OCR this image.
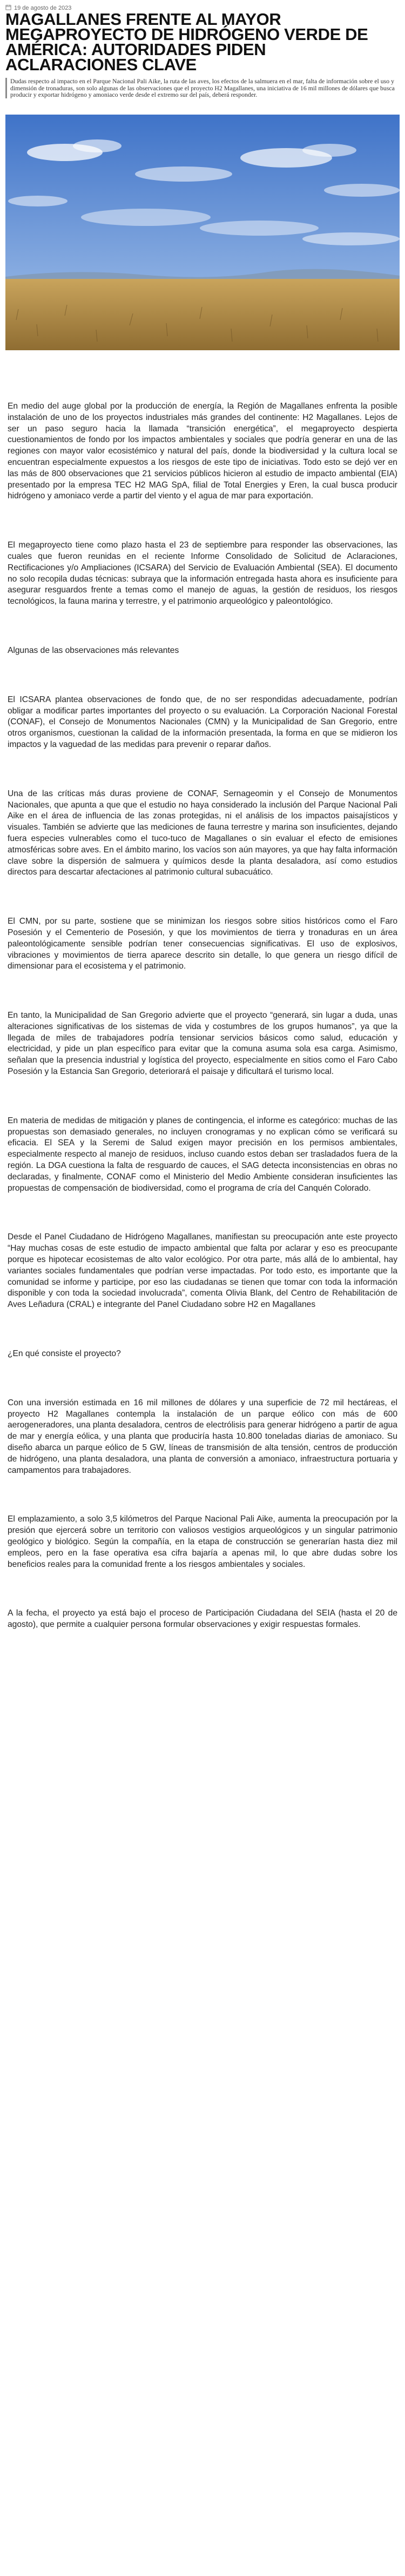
19 de agosto de 2023
MAGALLANES FRENTE AL MAYOR MEGAPROYECTO DE HIDRÓGENO VERDE DE AMÉRICA: AUTORIDADES PIDEN ACLARACIONES CLAVE

Dudas respecto al impacto en el Parque Nacional Pali Aike, la ruta de las aves, los efectos de la salmuera en el mar, falta de información sobre el uso y dimensión de tronaduras, son solo algunas de las observaciones que el proyecto H2 Magallanes, una iniciativa de 16 mil millones de dólares que busca producir y exportar hidrógeno y amoniaco verde desde el extremo sur del país, deberá responder.

En medio del auge global por la producción de energía, la Región de Magallanes enfrenta la posible instalación de uno de los proyectos industriales más grandes del continente: H2 Magallanes. Lejos de ser un paso seguro hacia la llamada “transición energética”, el megaproyecto despierta cuestionamientos de fondo por los impactos ambientales y sociales que podría generar en una de las regiones con mayor valor ecosistémico y natural del país, donde la biodiversidad y la cultura local se encuentran especialmente expuestos a los riesgos de este tipo de iniciativas. Todo esto se dejó ver en las más de 800 observaciones que 21 servicios públicos hicieron al estudio de impacto ambiental (EIA) presentado por la empresa TEC H2 MAG SpA, filial de Total Energies y Eren, la cual busca producir hidrógeno y amoniaco verde a partir del viento y el agua de mar para exportación.

El megaproyecto tiene como plazo hasta el 23 de septiembre para responder las observaciones, las cuales que fueron reunidas en el reciente Informe Consolidado de Solicitud de Aclaraciones, Rectificaciones y/o Ampliaciones (ICSARA) del Servicio de Evaluación Ambiental (SEA). El documento no solo recopila dudas técnicas: subraya que la información entregada hasta ahora es insuficiente para asegurar resguardos frente a temas como el manejo de aguas, la gestión de residuos, los riesgos tecnológicos, la fauna marina y terrestre, y el patrimonio arqueológico y paleontológico.

Algunas de las observaciones más relevantes

El ICSARA plantea observaciones de fondo que, de no ser respondidas adecuadamente, podrían obligar a modificar partes importantes del proyecto o su evaluación. La Corporación Nacional Forestal (CONAF), el Consejo de Monumentos Nacionales (CMN) y la Municipalidad de San Gregorio, entre otros organismos, cuestionan la calidad de la información presentada, la forma en que se midieron los impactos y la vaguedad de las medidas para prevenir o reparar daños.

Una de las críticas más duras proviene de CONAF, Sernageomin y el Consejo de Monumentos Nacionales, que apunta a que que el estudio no haya considerado la inclusión del Parque Nacional Pali Aike en el área de influencia de las zonas protegidas, ni el análisis de los impactos paisajísticos y visuales. También se advierte que las mediciones de fauna terrestre y marina son insuficientes, dejando fuera especies vulnerables como el tuco-tuco de Magallanes o sin evaluar el efecto de emisiones atmosféricas sobre aves. En el ámbito marino, los vacíos son aún mayores, ya que hay falta información clave sobre la dispersión de salmuera y químicos desde la planta desaladora, así como estudios directos para descartar afectaciones al patrimonio cultural subacuático.

El CMN, por su parte, sostiene que se minimizan los riesgos sobre sitios históricos como el Faro Posesión y el Cementerio de Posesión, y que los movimientos de tierra y tronaduras en un área paleontológicamente sensible podrían tener consecuencias significativas. El uso de explosivos, vibraciones y movimientos de tierra aparece descrito sin detalle, lo que genera un riesgo difícil de dimensionar para el ecosistema y el patrimonio.

En tanto, la Municipalidad de San Gregorio advierte que el proyecto “generará, sin lugar a duda, unas alteraciones significativas de los sistemas de vida y costumbres de los grupos humanos”, ya que la llegada de miles de trabajadores podría tensionar servicios básicos como salud, educación y electricidad, y pide un plan específico para evitar que la comuna asuma sola esa carga. Asimismo, señalan que la presencia industrial y logística del proyecto, especialmente en sitios como el Faro Cabo Posesión y la Estancia San Gregorio, deteriorará el paisaje y dificultará el turismo local.

En materia de medidas de mitigación y planes de contingencia, el informe es categórico: muchas de las propuestas son demasiado generales, no incluyen cronogramas y no explican cómo se verificará su eficacia. El SEA y la Seremi de Salud exigen mayor precisión en los permisos ambientales, especialmente respecto al manejo de residuos, incluso cuando estos deban ser trasladados fuera de la región. La DGA cuestiona la falta de resguardo de cauces, el SAG detecta inconsistencias en obras no declaradas, y finalmente, CONAF como el Ministerio del Medio Ambiente consideran insuficientes las propuestas de compensación de biodiversidad, como el programa de cría del Canquén Colorado.

Desde el Panel Ciudadano de Hidrógeno Magallanes, manifiestan su preocupación ante este proyecto “Hay muchas cosas de este estudio de impacto ambiental que falta por aclarar y eso es preocupante porque es hipotecar ecosistemas de alto valor ecológico. Por otra parte, más allá de lo ambiental, hay variantes sociales fundamentales que podrían verse impactadas. Por todo esto, es importante que la comunidad se informe y participe, por eso las ciudadanas se tienen que tomar con toda la información disponible y con toda la sociedad involucrada”, comenta Olivia Blank, del Centro de Rehabilitación de Aves Leñadura (CRAL) e integrante del Panel Ciudadano sobre H2 en Magallanes

¿En qué consiste el proyecto?

Con una inversión estimada en 16 mil millones de dólares y una superficie de 72 mil hectáreas, el proyecto H2 Magallanes contempla la instalación de un parque eólico con más de 600 aerogeneradores, una planta desaladora, centros de electrólisis para generar hidrógeno a partir de agua de mar y energía eólica, y una planta que produciría hasta 10.800 toneladas diarias de amoniaco. Su diseño abarca un parque eólico de 5 GW, líneas de transmisión de alta tensión, centros de producción de hidrógeno, una planta desaladora, una planta de conversión a amoniaco, infraestructura portuaria y campamentos para trabajadores.

El emplazamiento, a solo 3,5 kilómetros del Parque Nacional Pali Aike, aumenta la preocupación por la presión que ejercerá sobre un territorio con valiosos vestigios arqueológicos y un singular patrimonio geológico y biológico. Según la compañía, en la etapa de construcción se generarían hasta diez mil empleos, pero en la fase operativa esa cifra bajaría a apenas mil, lo que abre dudas sobre los beneficios reales para la comunidad frente a los riesgos ambientales y sociales.

A la fecha, el proyecto ya está bajo el proceso de Participación Ciudadana del SEIA (hasta el 20 de agosto), que permite a cualquier persona formular observaciones y exigir respuestas formales.
